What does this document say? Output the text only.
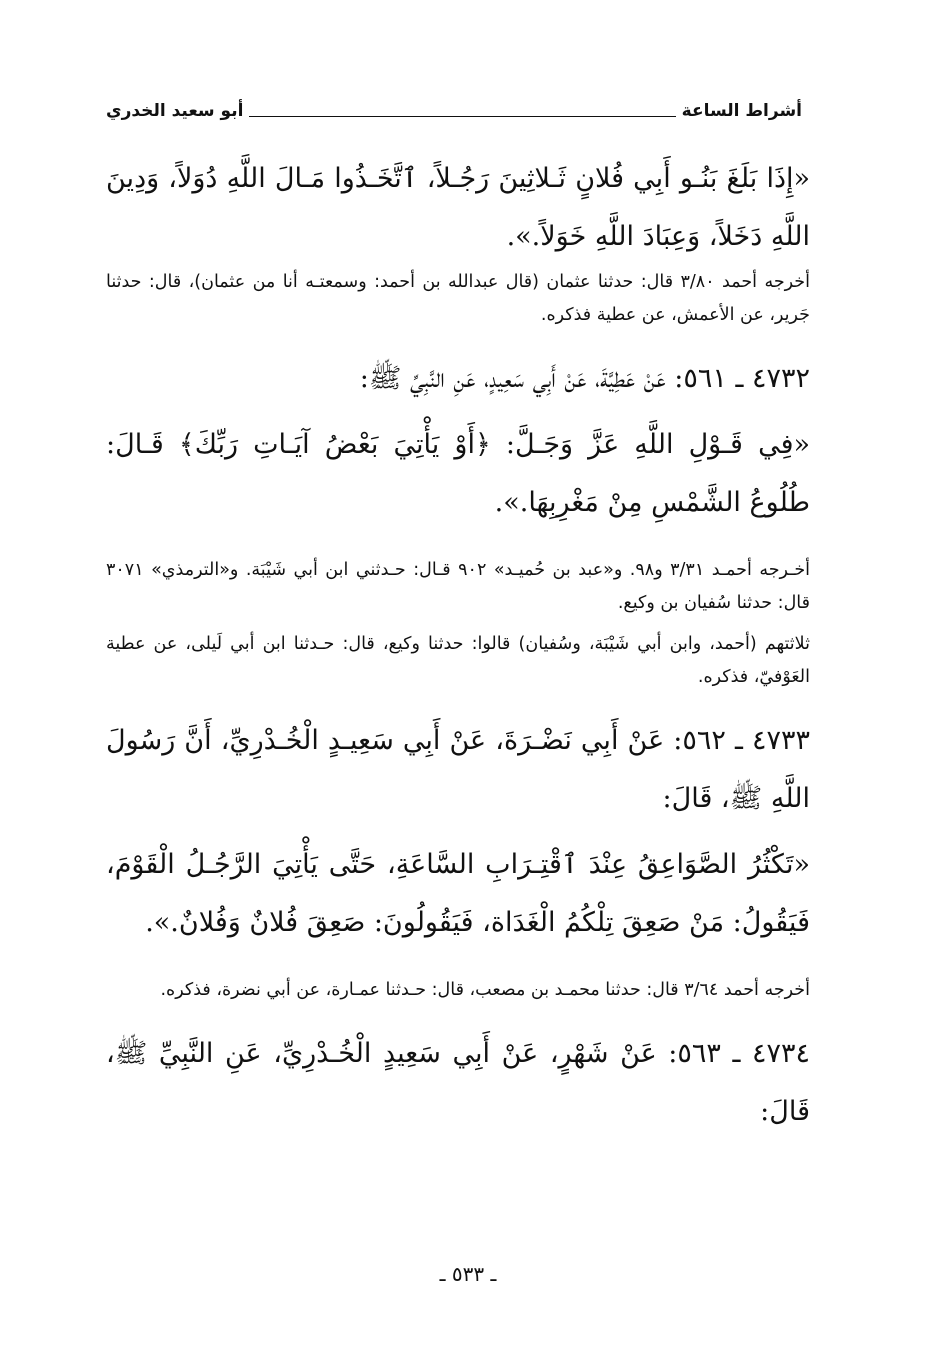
أشراط الساعة
أبو سعيد الخدري

«إِذَا بَلَغَ بَنُـو أَبِي فُلانٍ ثَـلاثِينَ رَجُـلاً، ٱتَّخَـذُوا مَـالَ اللَّهِ دُوَلاً، وَدِينَ اللَّهِ دَخَلاً، وَعِبَادَ اللَّهِ خَوَلاً.».

أخرجه أحمد ٣/٨٠ قال: حدثنا عثمان (قال عبدالله بن أحمد: وسمعتـه أنا من عثمان)، قال: حدثنا جَرير، عن الأعمش، عن عطية فذكره.

٤٧٣٢ ـ ٥٦١: عَنْ عَطِيَّةَ، عَنْ أَبِي سَعِيدٍ، عَنِ النَّبِيِّ ﷺ:

«فِي قَـوْلِ اللَّهِ عَزَّ وَجَـلَّ: ﴿أَوْ يَأْتِيَ بَعْضُ آيَـاتِ رَبِّكَ﴾ قَـالَ: طُلُوعُ الشَّمْسِ مِنْ مَغْرِبِهَا.».

أخـرجه أحمـد ٣/٣١ و٩٨. و«عبد بن حُميـد» ٩٠٢ قـال: حـدثني ابن أبي شَيْبَة. و«الترمذي» ٣٠٧١ قال: حدثنا سُفيان بن وكيع.

ثلاثتهم (أحمد، وابن أبي شَيْبَة، وسُفيان) قالوا: حدثنا وكيع، قال: حـدثنا ابن أبي لَيلى، عن عطية العَوْفيّ، فذكره.

٤٧٣٣ ـ ٥٦٢: عَنْ أَبِي نَضْـرَةَ، عَنْ أَبِي سَعِيـدٍ الْخُـدْرِيِّ، أَنَّ رَسُولَ اللَّهِ ﷺ، قَالَ:

«تَكْثُرُ الصَّوَاعِقُ عِنْدَ ٱقْتِـرَابِ السَّاعَةِ، حَتَّى يَأْتِيَ الرَّجُـلُ الْقَوْمَ، فَيَقُولُ: مَنْ صَعِقَ تِلْكُمُ الْغَدَاة، فَيَقُولُونَ: صَعِقَ فُلانٌ وَفُلانٌ.».

أخرجه أحمد ٣/٦٤ قال: حدثنا محمـد بن مصعب، قال: حـدثنا عمـارة، عن أبي نضرة، فذكره.

٤٧٣٤ ـ ٥٦٣: عَنْ شَهْرٍ، عَنْ أَبِي سَعِيدٍ الْخُـدْرِيِّ، عَنِ النَّبِيِّ ﷺ، قَالَ:

ـ ٥٣٣ ـ
